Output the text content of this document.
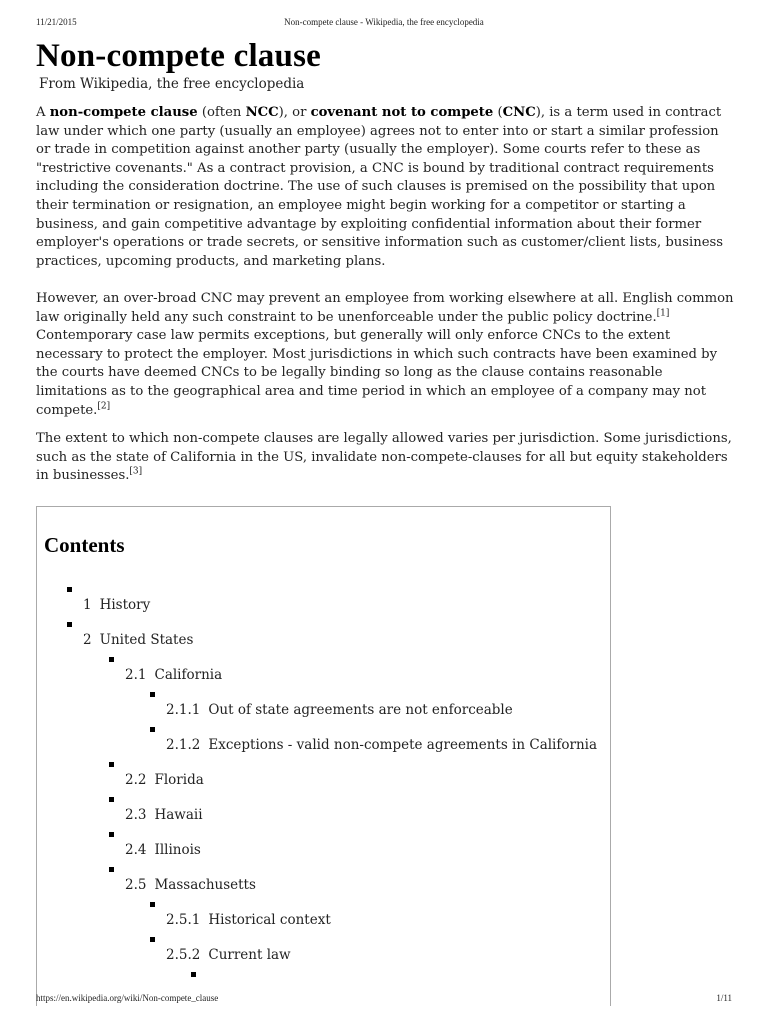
11/21/2015	Non-compete clause - Wikipedia, the free encyclopedia
Non-compete clause
From Wikipedia, the free encyclopedia
A non-compete clause (often NCC), or covenant not to compete (CNC), is a term used in contract law under which one party (usually an employee) agrees not to enter into or start a similar profession or trade in competition against another party (usually the employer). Some courts refer to these as "restrictive covenants." As a contract provision, a CNC is bound by traditional contract requirements including the consideration doctrine. The use of such clauses is premised on the possibility that upon their termination or resignation, an employee might begin working for a competitor or starting a business, and gain competitive advantage by exploiting confidential information about their former employer's operations or trade secrets, or sensitive information such as customer/client lists, business practices, upcoming products, and marketing plans.
However, an over-broad CNC may prevent an employee from working elsewhere at all. English common law originally held any such constraint to be unenforceable under the public policy doctrine.[1] Contemporary case law permits exceptions, but generally will only enforce CNCs to the extent necessary to protect the employer. Most jurisdictions in which such contracts have been examined by the courts have deemed CNCs to be legally binding so long as the clause contains reasonable limitations as to the geographical area and time period in which an employee of a company may not compete.[2]
The extent to which non-compete clauses are legally allowed varies per jurisdiction. Some jurisdictions, such as the state of California in the US, invalidate non-compete-clauses for all but equity stakeholders in businesses.[3]
Contents
1 History
2 United States
2.1 California
2.1.1 Out of state agreements are not enforceable
2.1.2 Exceptions - valid non-compete agreements in California
2.2 Florida
2.3 Hawaii
2.4 Illinois
2.5 Massachusetts
2.5.1 Historical context
2.5.2 Current law
https://en.wikipedia.org/wiki/Non-compete_clause	1/11
